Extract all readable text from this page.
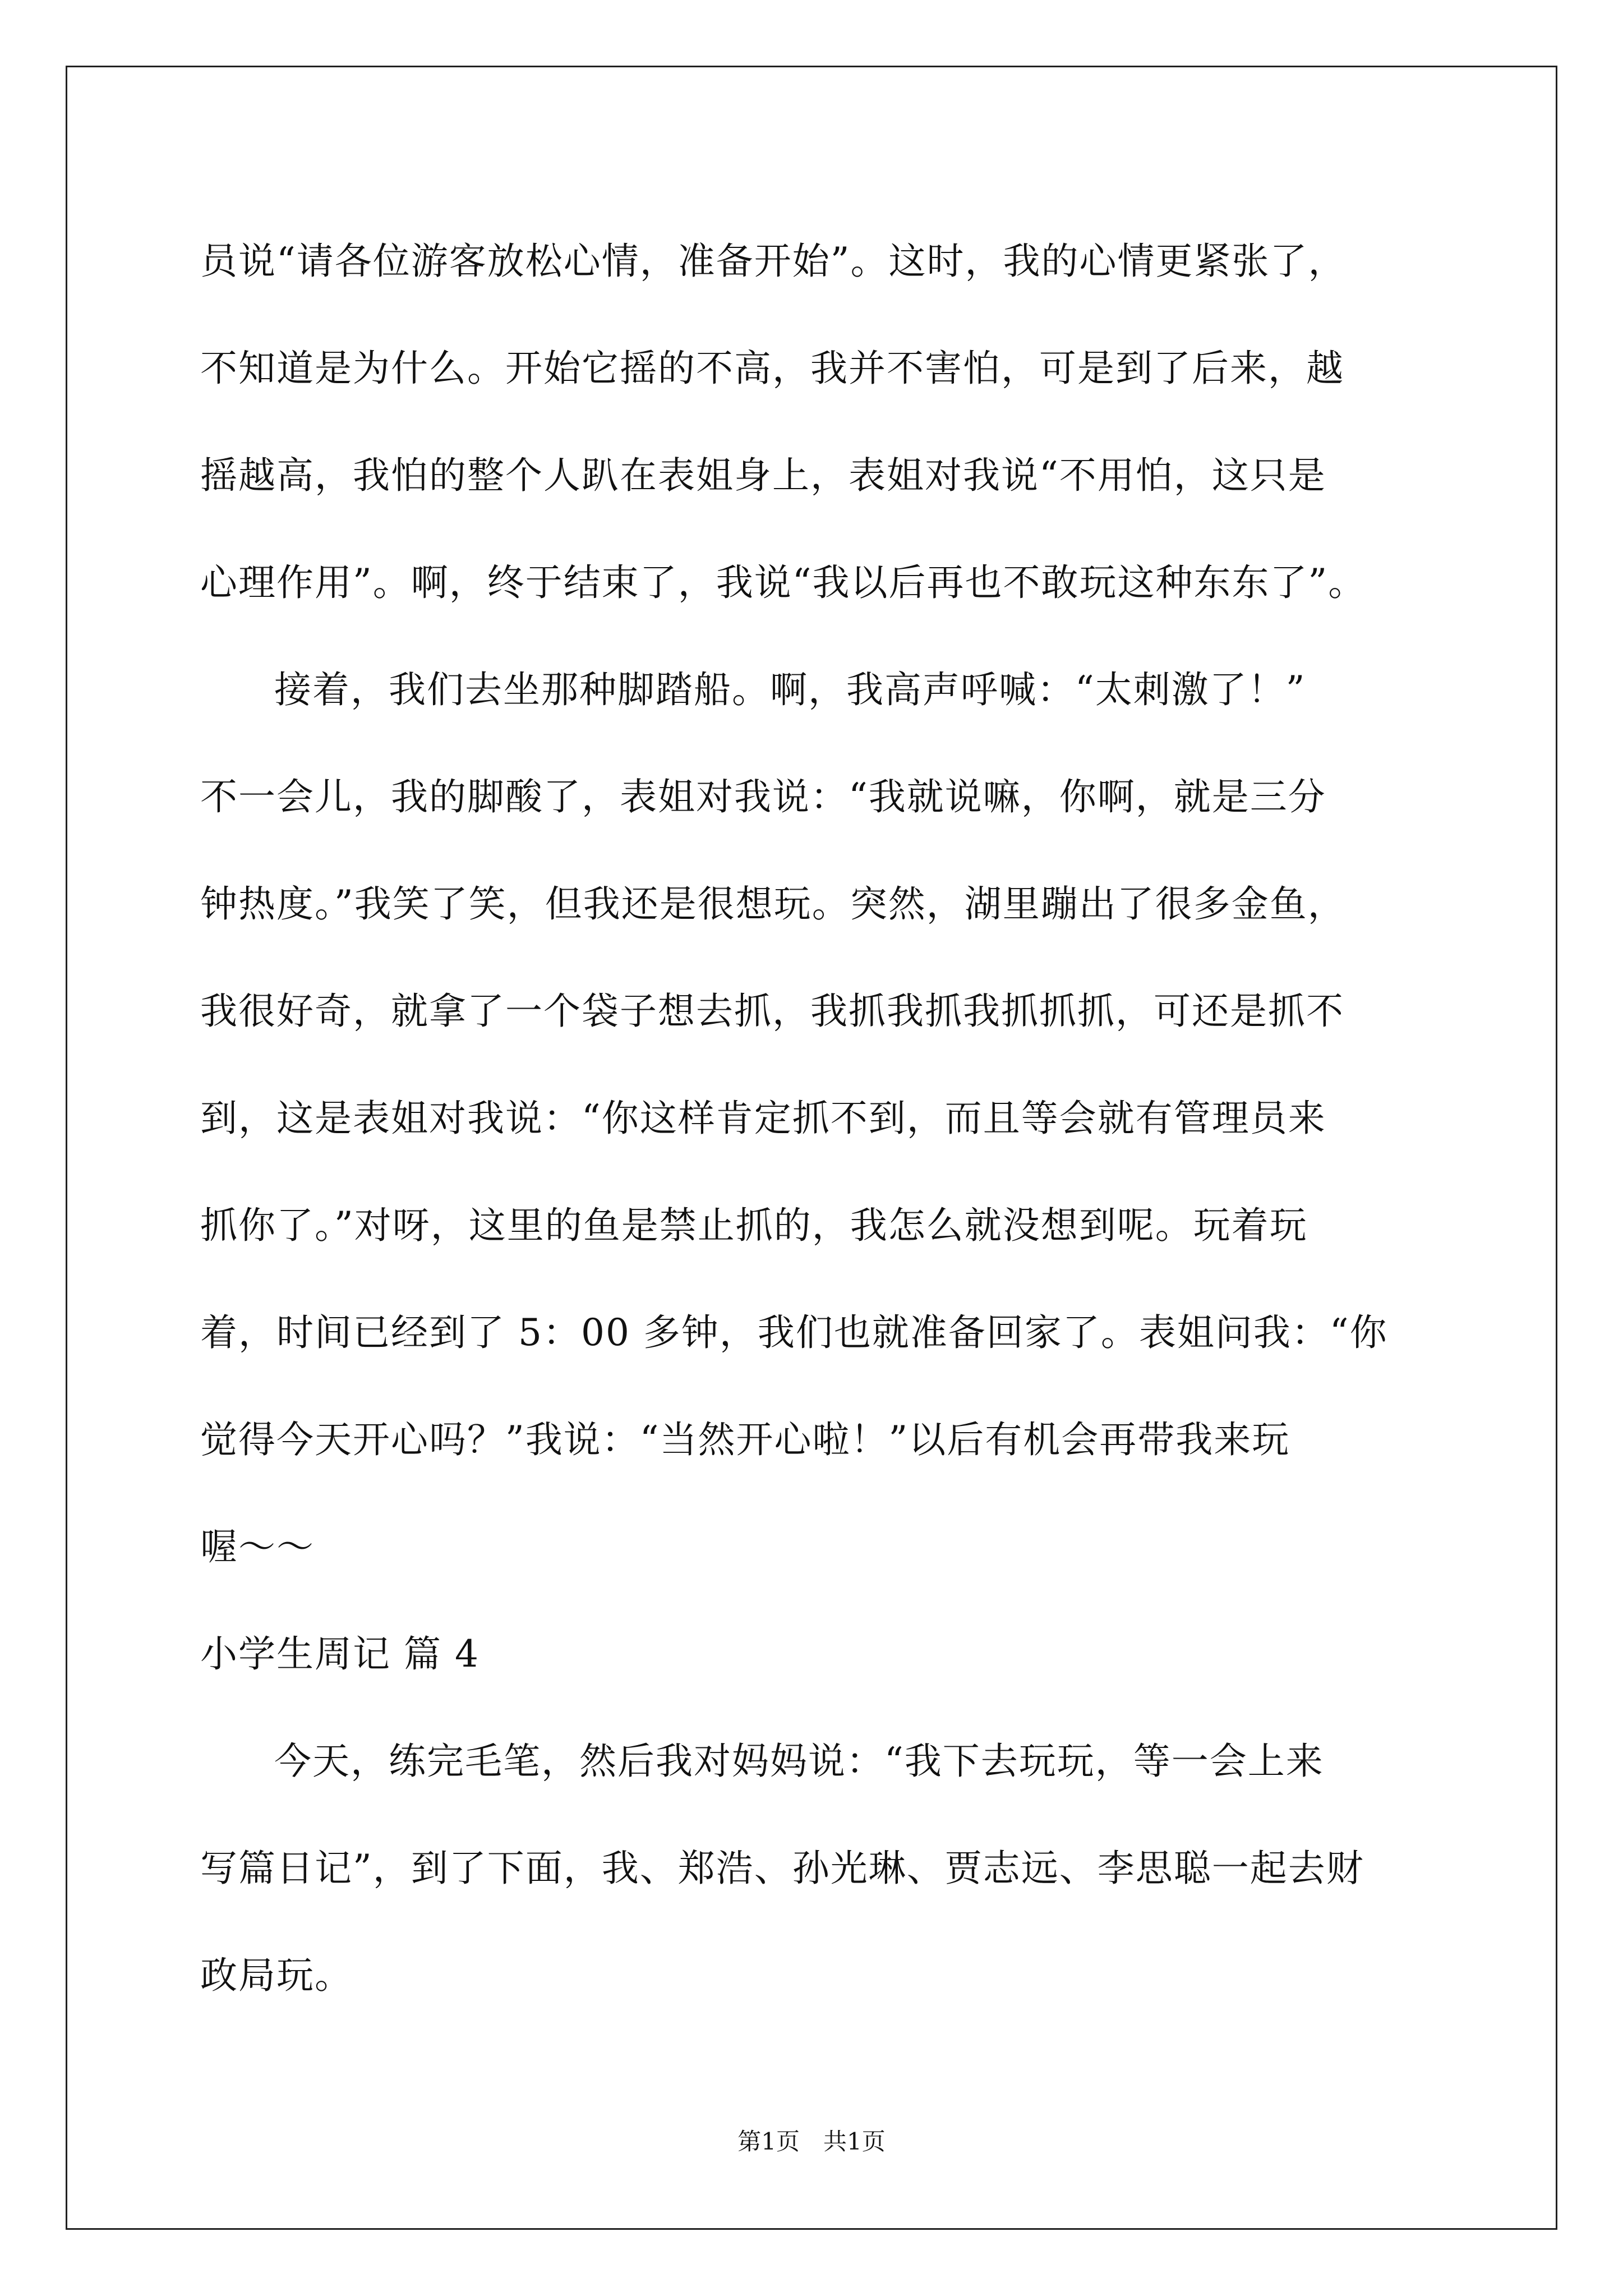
员说“请各位游客放松心情，准备开始”。这时，我的心情更紧张了，
不知道是为什么。开始它摇的不高，我并不害怕，可是到了后来，越
摇越高，我怕的整个人趴在表姐身上，表姐对我说“不用怕，这只是
心理作用”。啊，终于结束了，我说“我以后再也不敢玩这种东东了”。
接着，我们去坐那种脚踏船。啊，我高声呼喊：“太刺激了！”
不一会儿，我的脚酸了，表姐对我说：“我就说嘛，你啊，就是三分
钟热度。”我笑了笑，但我还是很想玩。突然，湖里蹦出了很多金鱼，
我很好奇，就拿了一个袋子想去抓，我抓我抓我抓抓抓，可还是抓不
到，这是表姐对我说：“你这样肯定抓不到，而且等会就有管理员来
抓你了。”对呀，这里的鱼是禁止抓的，我怎么就没想到呢。玩着玩
着，时间已经到了 5：00 多钟，我们也就准备回家了。表姐问我：“你
觉得今天开心吗？”我说：“当然开心啦！”以后有机会再带我来玩
喔～～
小学生周记 篇 4
今天，练完毛笔，然后我对妈妈说：“我下去玩玩，等一会上来
写篇日记”，到了下面，我、郑浩、孙光琳、贾志远、李思聪一起去财
政局玩。
第1页　共1页
